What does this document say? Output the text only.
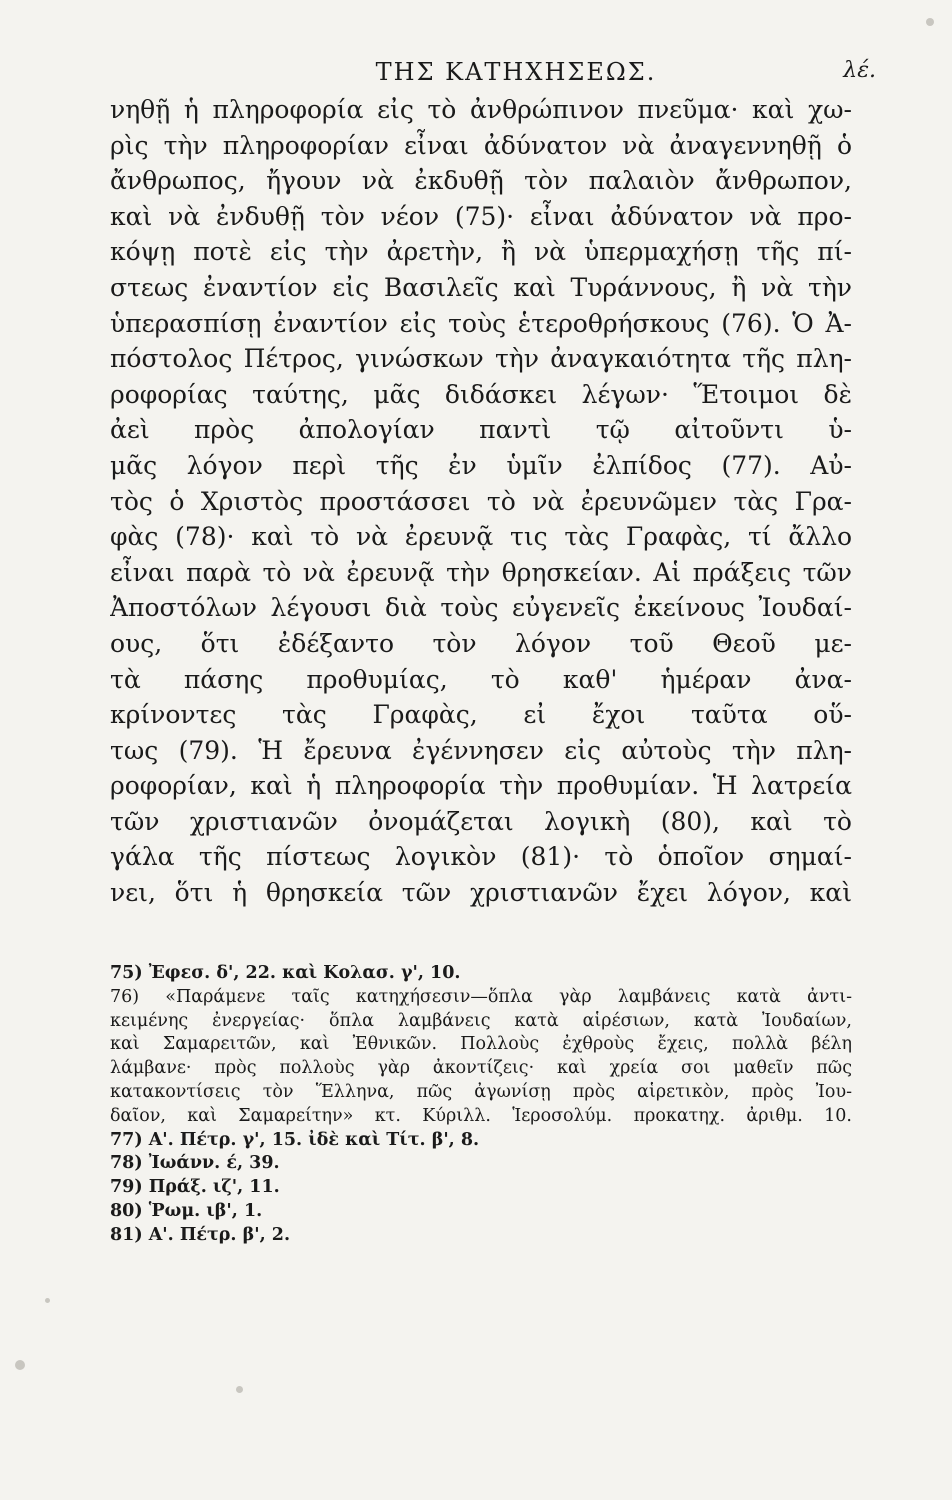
ΤΗΣ ΚΑΤΗΧΗΣΕΩΣ.	λέ.
νηθῇ ἡ πληροφορία εἰς τὸ ἀνθρώπινον πνεῦμα· καὶ χω-
ρὶς τὴν πληροφορίαν εἶναι ἀδύνατον νὰ ἀναγεννηθῇ ὁ
ἄνθρωπος, ἤγουν νὰ ἐκδυθῇ τὸν παλαιὸν ἄνθρωπον,
καὶ νὰ ἐνδυθῇ τὸν νέον (75)· εἶναι ἀδύνατον νὰ προ-
κόψῃ ποτὲ εἰς τὴν ἀρετὴν, ἢ νὰ ὑπερμαχήσῃ τῆς πί-
στεως ἐναντίον εἰς Βασιλεῖς καὶ Τυράννους, ἢ νὰ τὴν
ὑπερασπίσῃ ἐναντίον εἰς τοὺς ἑτεροθρήσκους (76). Ὁ Ἀ-
πόστολος Πέτρος, γινώσκων τὴν ἀναγκαιότητα τῆς πλη-
ροφορίας ταύτης, μᾶς διδάσκει λέγων· Ἕτοιμοι δὲ
ἀεὶ πρὸς ἀπολογίαν παντὶ τῷ αἰτοῦντι ὑ-
μᾶς λόγον περὶ τῆς ἐν ὑμῖν ἐλπίδος (77). Αὐ-
τὸς ὁ Χριστὸς προστάσσει τὸ νὰ ἐρευνῶμεν τὰς Γρα-
φὰς (78)· καὶ τὸ νὰ ἐρευνᾷ τις τὰς Γραφὰς, τί ἄλλο
εἶναι παρὰ τὸ νὰ ἐρευνᾷ τὴν θρησκείαν. Αἱ πράξεις τῶν
Ἀποστόλων λέγουσι διὰ τοὺς εὐγενεῖς ἐκείνους Ἰουδαί-
ους, ὅτι ἐδέξαντο τὸν λόγον τοῦ Θεοῦ με-
τὰ πάσης προθυμίας, τὸ καθ' ἡμέραν ἀνα-
κρίνοντες τὰς Γραφὰς, εἰ ἔχοι ταῦτα οὕ-
τως (79). Ἡ ἔρευνα ἐγέννησεν εἰς αὐτοὺς τὴν πλη-
ροφορίαν, καὶ ἡ πληροφορία τὴν προθυμίαν. Ἡ λατρεία
τῶν χριστιανῶν ὀνομάζεται λογικὴ (80), καὶ τὸ
γάλα τῆς πίστεως λογικὸν (81)· τὸ ὁποῖον σημαί-
νει, ὅτι ἡ θρησκεία τῶν χριστιανῶν ἔχει λόγον, καὶ
75) Ἐφεσ. δ', 22. καὶ Κολασ. γ', 10.
76) «Παράμενε ταῖς κατηχήσεσιν—ὅπλα γὰρ λαμβάνεις κατὰ ἀντι-
κειμένης ἐνεργείας· ὅπλα λαμβάνεις κατὰ αἱρέσιων, κατὰ Ἰουδαίων,
καὶ Σαμαρειτῶν, καὶ Ἐθνικῶν. Πολλοὺς ἐχθροὺς ἔχεις, πολλὰ βέλη
λάμβανε· πρὸς πολλοὺς γὰρ ἀκοντίζεις· καὶ χρεία σοι μαθεῖν πῶς
κατακοντίσεις τὸν Ἕλληνα, πῶς ἀγωνίσῃ πρὸς αἱρετικὸν, πρὸς Ἰου-
δαῖον, καὶ Σαμαρείτην» κτ. Κύριλλ. Ἱεροσολύμ. προκατηχ. ἀριθμ. 10.
77) Α'. Πέτρ. γ', 15. ἰδὲ καὶ Τίτ. β', 8.
78) Ἰωάνν. έ, 39.
79) Πράξ. ιζ', 11.
80) Ῥωμ. ιβ', 1.
81) Α'. Πέτρ. β', 2.
